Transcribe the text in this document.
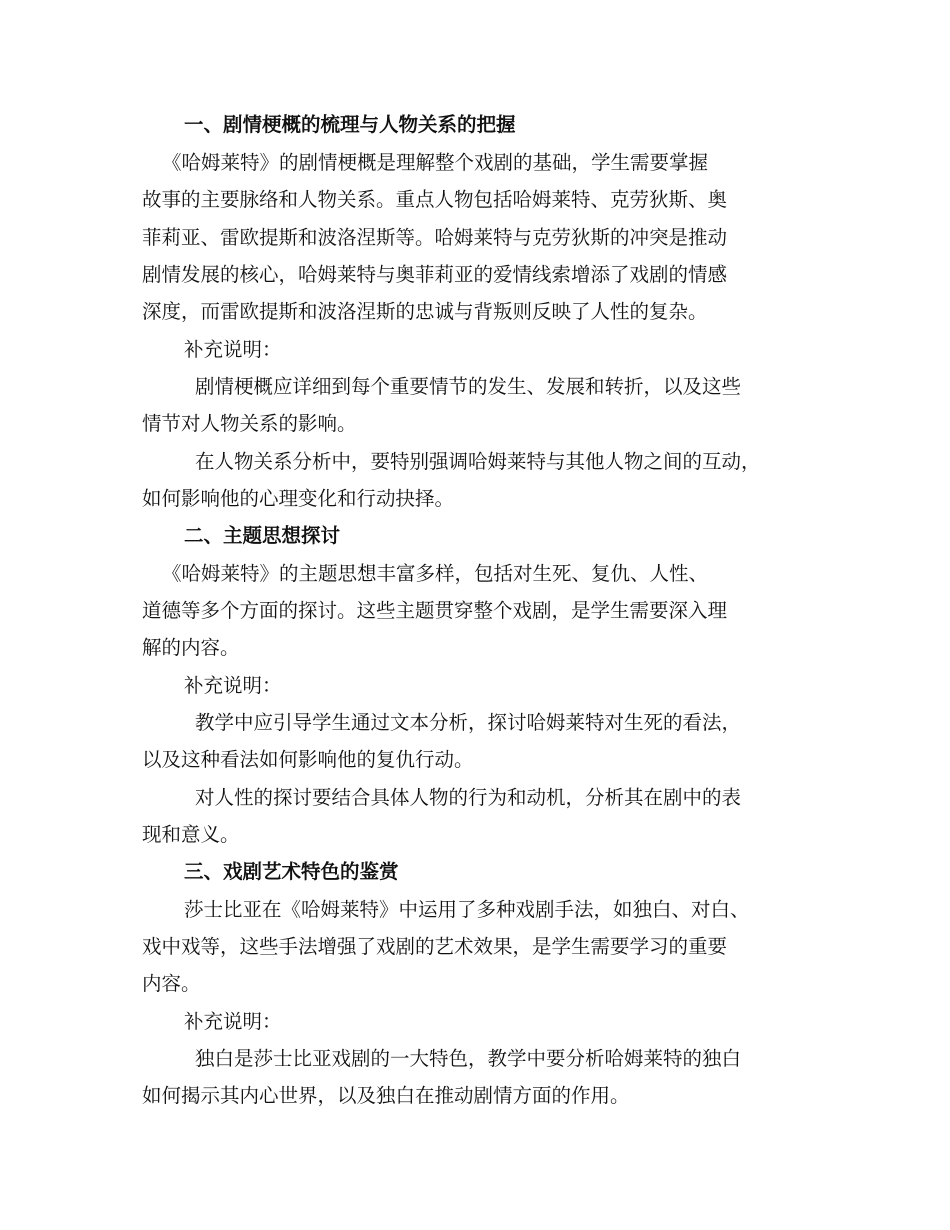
一、剧情梗概的梳理与人物关系的把握
《哈姆莱特》的剧情梗概是理解整个戏剧的基础，学生需要掌握
故事的主要脉络和人物关系。重点人物包括哈姆莱特、克劳狄斯、奥
菲莉亚、雷欧提斯和波洛涅斯等。哈姆莱特与克劳狄斯的冲突是推动
剧情发展的核心，哈姆莱特与奥菲莉亚的爱情线索增添了戏剧的情感
深度，而雷欧提斯和波洛涅斯的忠诚与背叛则反映了人性的复杂。
补充说明：
剧情梗概应详细到每个重要情节的发生、发展和转折，以及这些
情节对人物关系的影响。
在人物关系分析中，要特别强调哈姆莱特与其他人物之间的互动，
如何影响他的心理变化和行动抉择。
二、主题思想探讨
《哈姆莱特》的主题思想丰富多样，包括对生死、复仇、人性、
道德等多个方面的探讨。这些主题贯穿整个戏剧，是学生需要深入理
解的内容。
补充说明：
教学中应引导学生通过文本分析，探讨哈姆莱特对生死的看法，
以及这种看法如何影响他的复仇行动。
对人性的探讨要结合具体人物的行为和动机，分析其在剧中的表
现和意义。
三、戏剧艺术特色的鉴赏
莎士比亚在《哈姆莱特》中运用了多种戏剧手法，如独白、对白、
戏中戏等，这些手法增强了戏剧的艺术效果，是学生需要学习的重要
内容。
补充说明：
独白是莎士比亚戏剧的一大特色，教学中要分析哈姆莱特的独白
如何揭示其内心世界，以及独白在推动剧情方面的作用。
